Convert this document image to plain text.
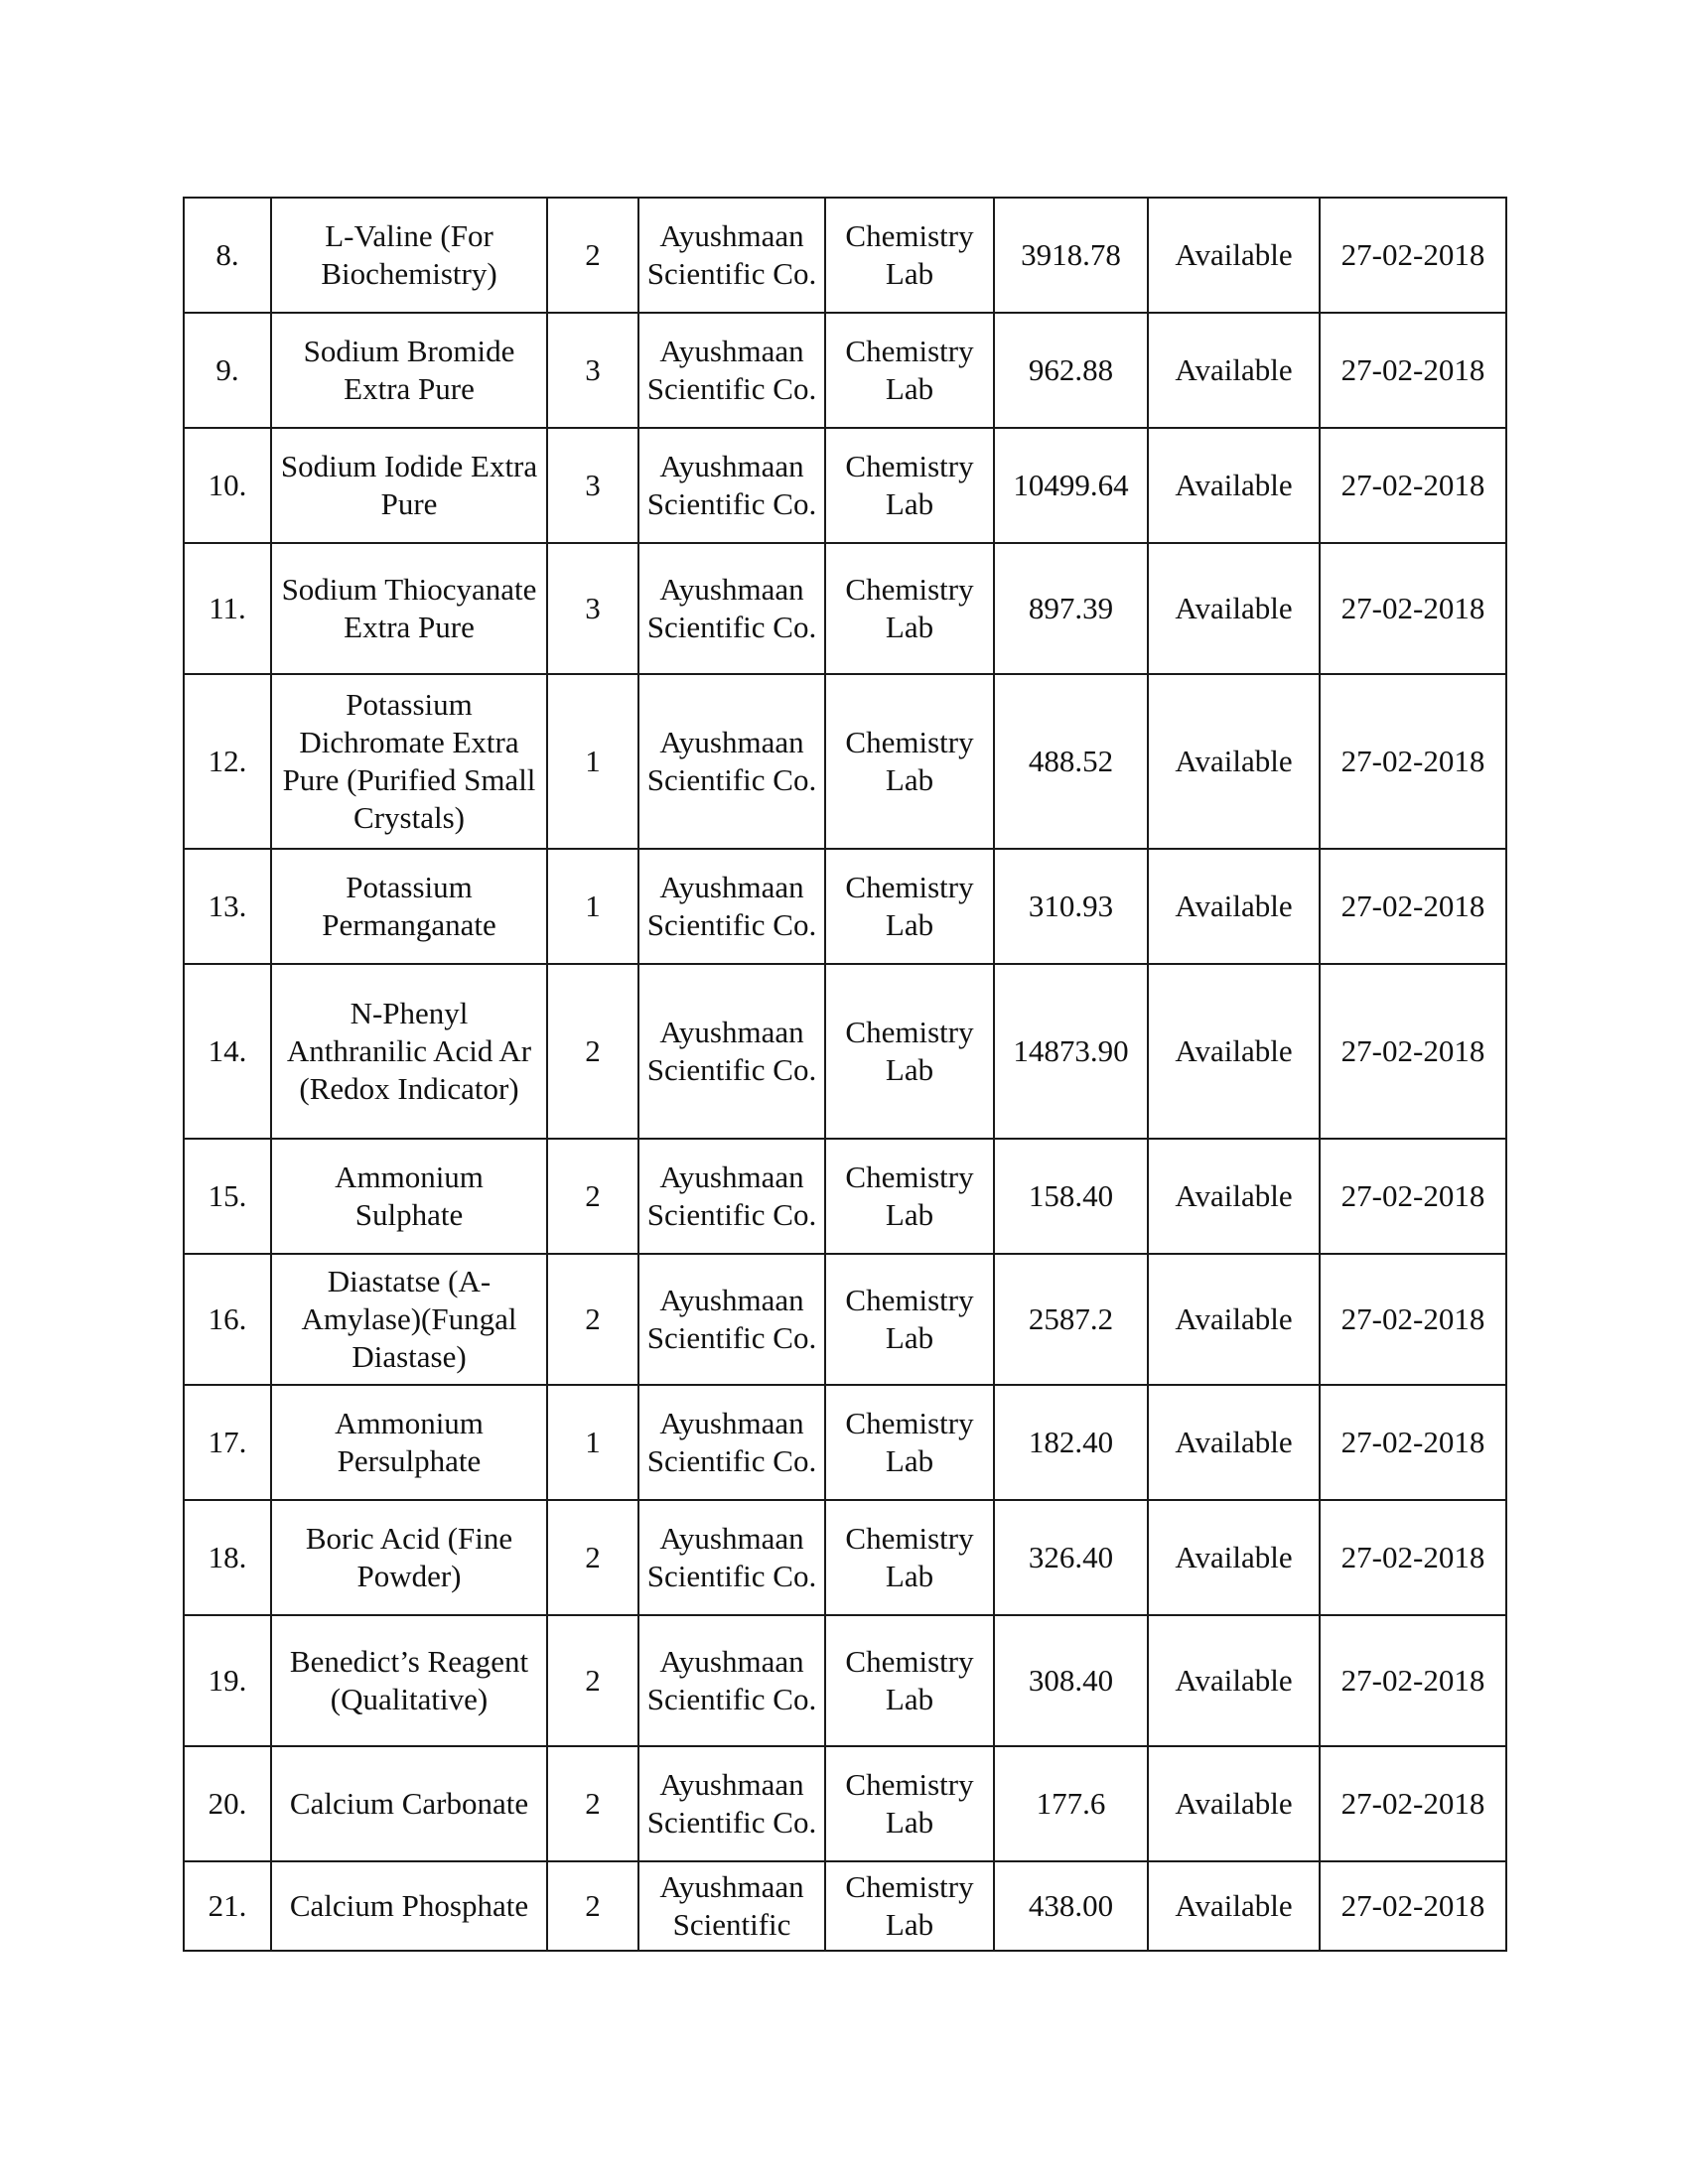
8.	L-Valine (For Biochemistry)	2	Ayushmaan Scientific Co.	Chemistry Lab	3918.78	Available	27-02-2018
9.	Sodium Bromide Extra Pure	3	Ayushmaan Scientific Co.	Chemistry Lab	962.88	Available	27-02-2018
10.	Sodium Iodide Extra Pure	3	Ayushmaan Scientific Co.	Chemistry Lab	10499.64	Available	27-02-2018
11.	Sodium Thiocyanate Extra Pure	3	Ayushmaan Scientific Co.	Chemistry Lab	897.39	Available	27-02-2018
12.	Potassium Dichromate Extra Pure (Purified Small Crystals)	1	Ayushmaan Scientific Co.	Chemistry Lab	488.52	Available	27-02-2018
13.	Potassium Permanganate	1	Ayushmaan Scientific Co.	Chemistry Lab	310.93	Available	27-02-2018
14.	N-Phenyl Anthranilic Acid Ar (Redox Indicator)	2	Ayushmaan Scientific Co.	Chemistry Lab	14873.90	Available	27-02-2018
15.	Ammonium Sulphate	2	Ayushmaan Scientific Co.	Chemistry Lab	158.40	Available	27-02-2018
16.	Diastatse (A-Amylase)(Fungal Diastase)	2	Ayushmaan Scientific Co.	Chemistry Lab	2587.2	Available	27-02-2018
17.	Ammonium Persulphate	1	Ayushmaan Scientific Co.	Chemistry Lab	182.40	Available	27-02-2018
18.	Boric Acid (Fine Powder)	2	Ayushmaan Scientific Co.	Chemistry Lab	326.40	Available	27-02-2018
19.	Benedict’s Reagent (Qualitative)	2	Ayushmaan Scientific Co.	Chemistry Lab	308.40	Available	27-02-2018
20.	Calcium Carbonate	2	Ayushmaan Scientific Co.	Chemistry Lab	177.6	Available	27-02-2018
21.	Calcium Phosphate	2	Ayushmaan Scientific	Chemistry Lab	438.00	Available	27-02-2018
